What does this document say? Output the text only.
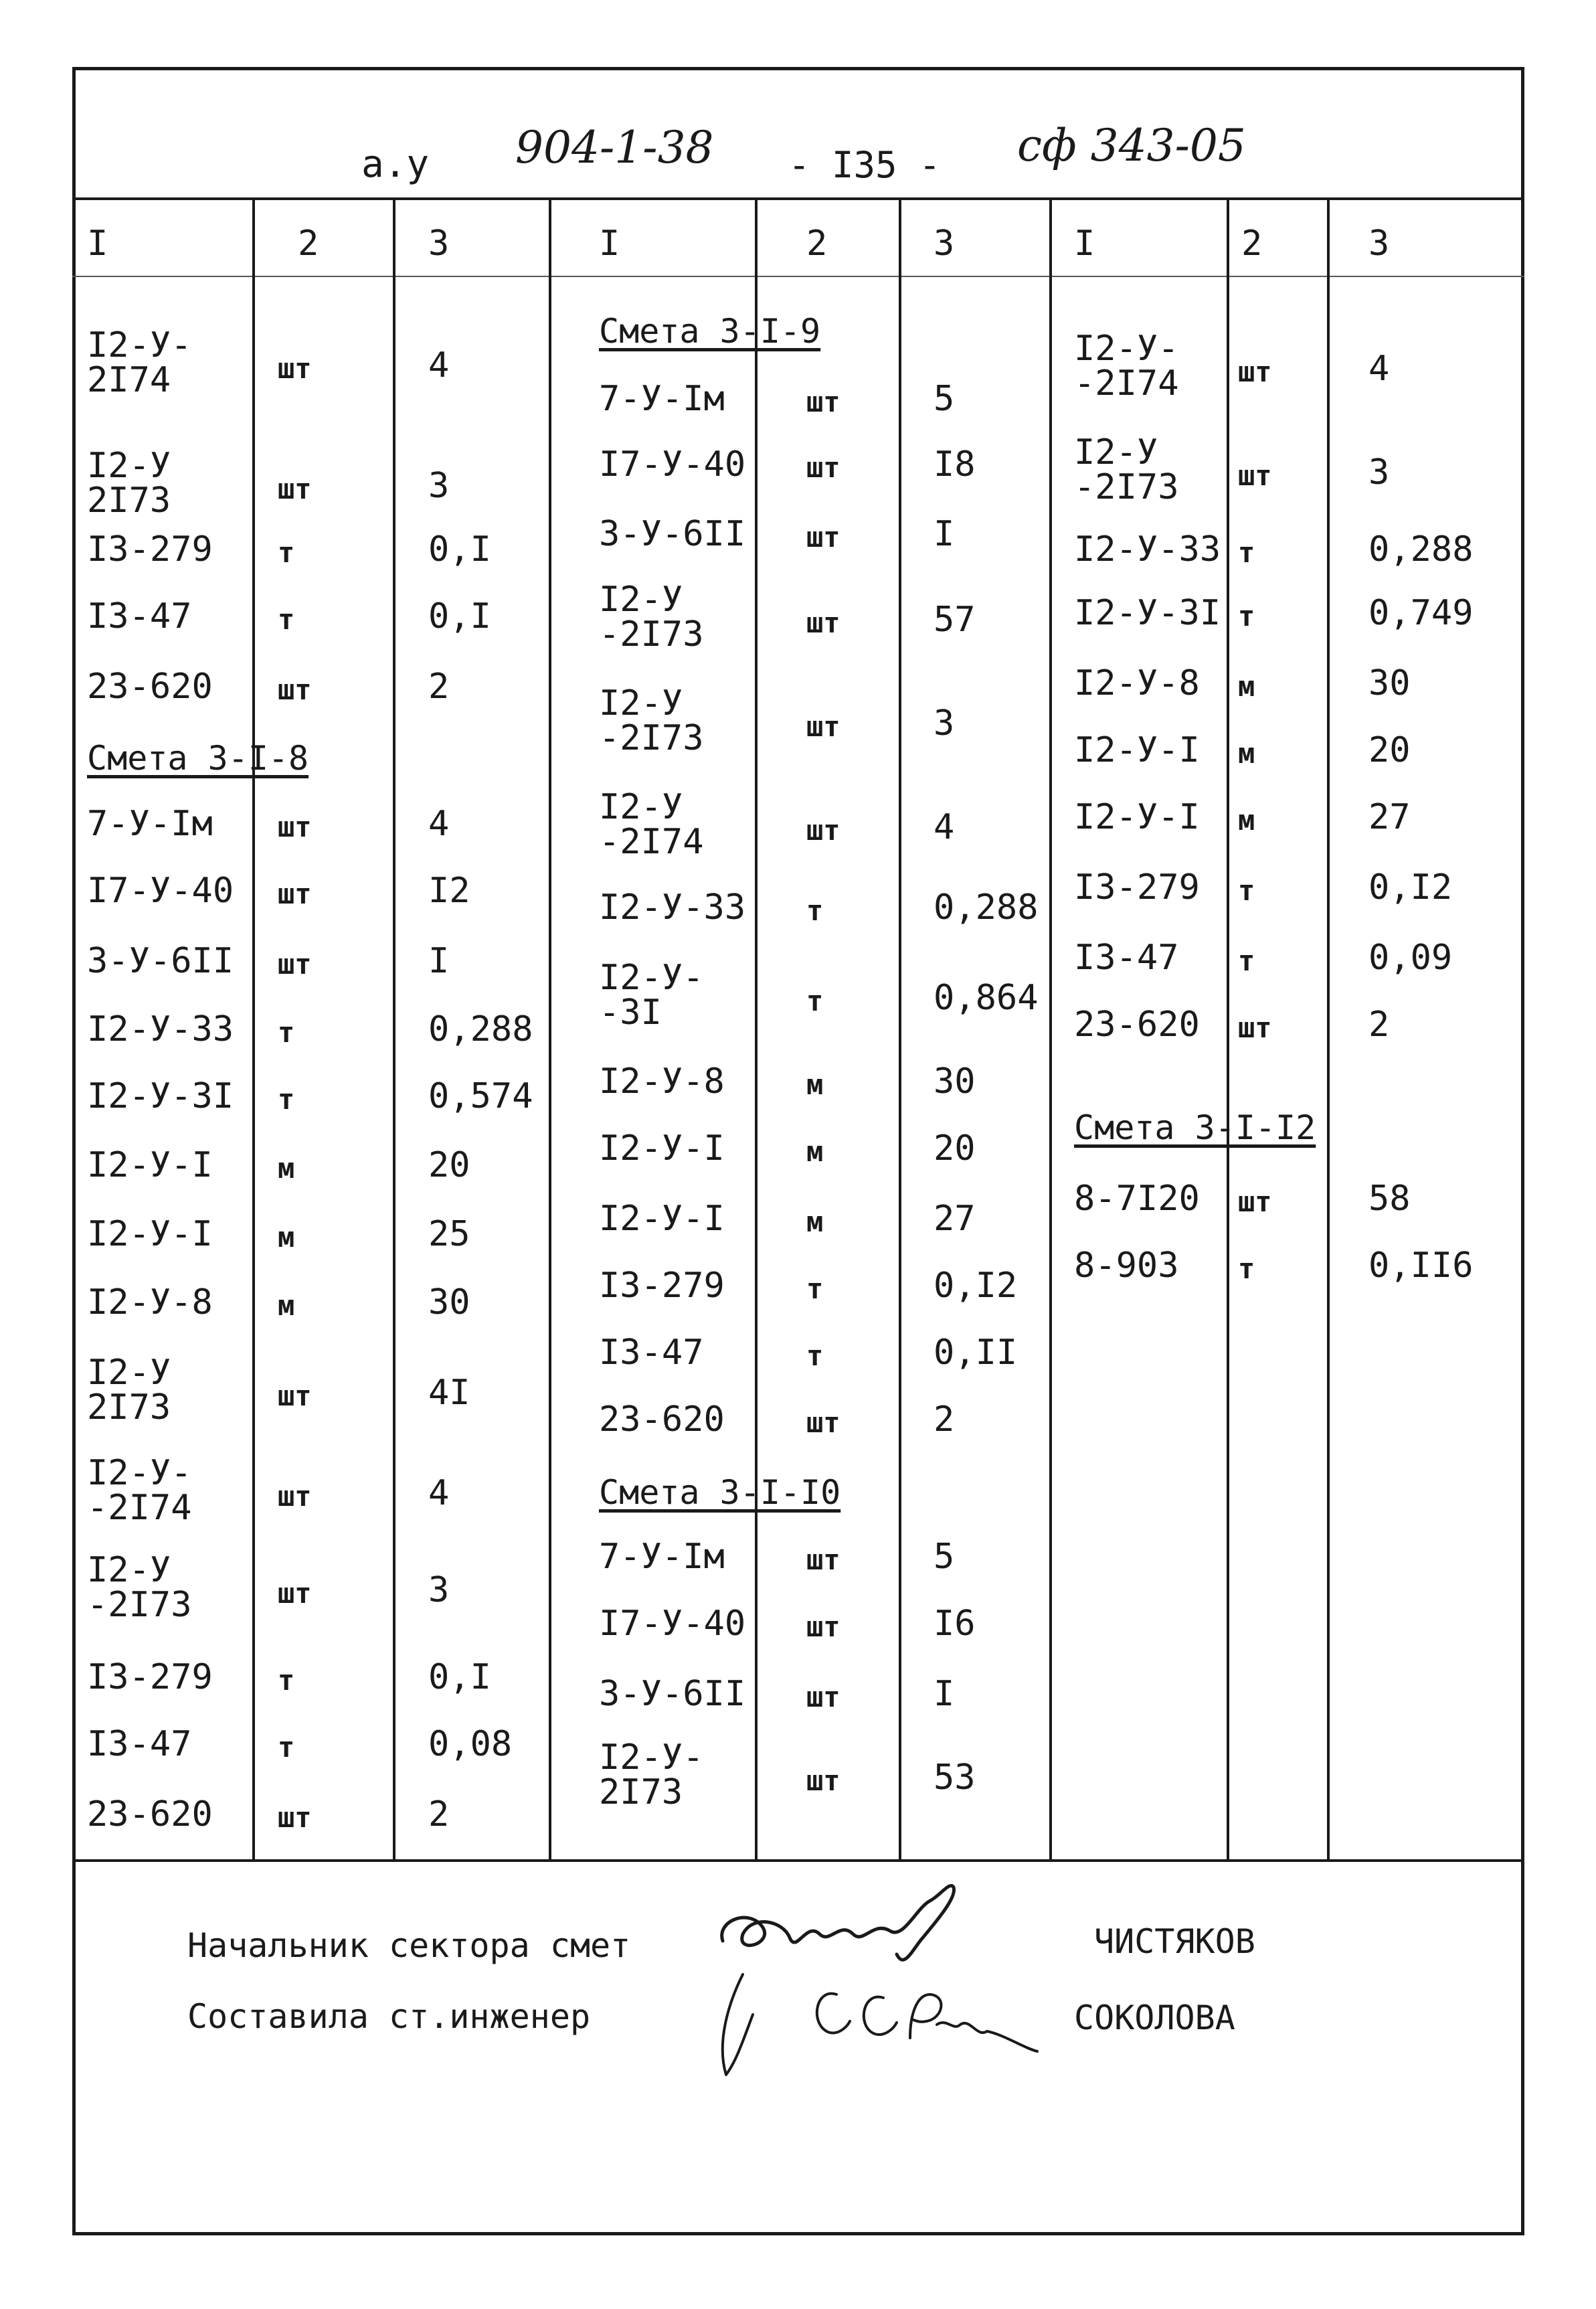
а.у 904-1-38 - I35 - сф 343-05
I	2	3	I	2	3	I	2	3
I2-У-
2I74	шт	4
I2-У
2I73	шт	3
I3-279 т	0,I
I3-47	т	0,I
23-620 шт	2
Смета 3-I-8
7-У-Iм шт	4
I7-У-40 шт	I2
3-У-6II шт	I
I2-У-33 т	0,288
I2-У-3I т	0,574
I2-У-I м	20
I2-У-I м	25
I2-У-8 м	30
I2-У
2I73	шт	4I
I2-У-
-2I74	шт	4
I2-У
-2I73	шт	3
I3-279 т	0,I
I3-47	т	0,08
23-620 шт	2
Смета 3-I-9
7-У-Iм	шт	5
I7-У-40 шт	I8
3-У-6II шт	I
I2-У
-2I73	шт	57
I2-У
-2I73	шт	3
I2-У
-2I74	шт	4
I2-У-33 т	0,288
I2-У-
-3I	т	0,864
I2-У-8	м	30
I2-У-I	м	20
I2-У-I	м	27
I3-279	т	0,I2
I3-47	т	0,II
23-620	шт	2
Смета 3-I-I0
7-У-Iм	шт	5
I7-У-40 шт	I6
3-У-6II шт	I
I2-У-
2I73	шт	53
I2-У-
-2I74 шт	4
I2-У
-2I73 шт	3
I2-У-33 т	0,288
I2-У-3I т	0,749
I2-У-8 м	30
I2-У-I м	20
I2-У-I м	27
I3-279 т	0,I2
I3-47 т	0,09
23-620 шт	2
Смета 3-I-I2
8-7I20 шт	58
8-903 т	0,II6
Начальник сектора смет
Составила ст.инженер
ЧИСТЯКОВ
СОКОЛОВА
